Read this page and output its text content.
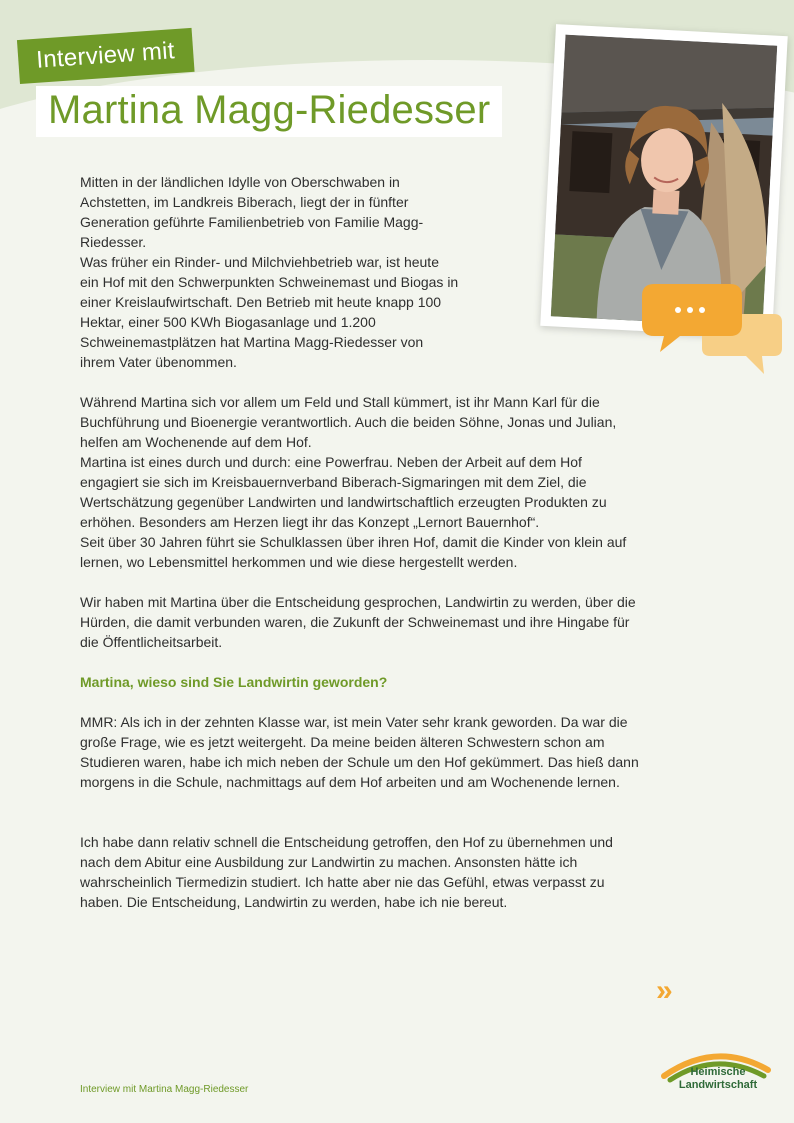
Interview mit
Martina Magg-Riedesser

Mitten in der ländlichen Idylle von Oberschwaben in Achstetten, im Landkreis Biberach, liegt der in fünfter Generation geführte Familienbetrieb von Familie Magg-Riedesser.
Was früher ein Rinder- und Milchviehbetrieb war, ist heute ein Hof mit den Schwerpunkten Schweinemast und Biogas in einer Kreislaufwirtschaft. Den Betrieb mit heute knapp 100 Hektar, einer 500 KWh Biogasanlage und 1.200 Schweinemastplätzen hat Martina Magg-Riedesser von ihrem Vater übenommen.

Während Martina sich vor allem um Feld und Stall kümmert, ist ihr Mann Karl für die Buchführung und Bioenergie verantwortlich. Auch die beiden Söhne, Jonas und Julian, helfen am Wochenende auf dem Hof.
Martina ist eines durch und durch: eine Powerfrau. Neben der Arbeit auf dem Hof engagiert sie sich im Kreisbauernverband Biberach-Sigmaringen mit dem Ziel, die Wertschätzung gegenüber Landwirten und landwirtschaftlich erzeugten Produkten zu erhöhen. Besonders am Herzen liegt ihr das Konzept „Lernort Bauernhof“.
Seit über 30 Jahren führt sie Schulklassen über ihren Hof, damit die Kinder von klein auf lernen, wo Lebensmittel herkommen und wie diese hergestellt werden.

Wir haben mit Martina über die Entscheidung gesprochen, Landwirtin zu werden, über die Hürden, die damit verbunden waren, die Zukunft der Schweinemast und ihre Hingabe für die Öffentlicheitsarbeit.

Martina, wieso sind Sie Landwirtin geworden?

MMR: Als ich in der zehnten Klasse war, ist mein Vater sehr krank geworden. Da war die große Frage, wie es jetzt weitergeht. Da meine beiden älteren Schwestern schon am Studieren waren, habe ich mich neben der Schule um den Hof gekümmert. Das hieß dann morgens in die Schule, nachmittags auf dem Hof arbeiten und am Wochenende lernen.

Ich habe dann relativ schnell die Entscheidung getroffen, den Hof zu übernehmen und nach dem Abitur eine Ausbildung zur Landwirtin zu machen. Ansonsten hätte ich wahrscheinlich Tiermedizin studiert. Ich hatte aber nie das Gefühl, etwas verpasst zu haben. Die Entscheidung, Landwirtin zu werden, habe ich nie bereut.

»
Interview mit Martina Magg-Riedesser
Heimische
Landwirtschaft
